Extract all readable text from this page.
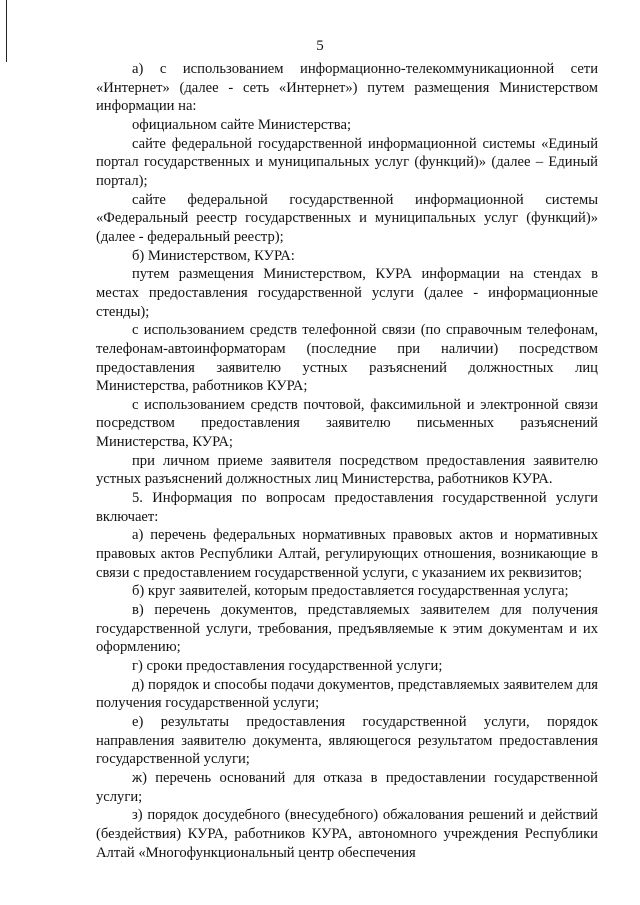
5

а) с использованием информационно-телекоммуникационной сети «Интернет» (далее - сеть «Интернет») путем размещения Министерством информации на:

официальном сайте Министерства;

сайте федеральной государственной информационной системы «Единый портал государственных и муниципальных услуг (функций)» (далее – Единый портал);

сайте федеральной государственной информационной системы «Федеральный реестр государственных и муниципальных услуг (функций)» (далее - федеральный реестр);

б) Министерством, КУРА:

путем размещения Министерством, КУРА информации на стендах в местах предоставления государственной услуги (далее - информационные стенды);

с использованием средств телефонной связи (по справочным телефонам, телефонам-автоинформаторам (последние при наличии) посредством предоставления заявителю устных разъяснений должностных лиц Министерства, работников КУРА;

с использованием средств почтовой, факсимильной и электронной связи посредством предоставления заявителю письменных разъяснений Министерства, КУРА;

при личном приеме заявителя посредством предоставления заявителю устных разъяснений должностных лиц Министерства, работников КУРА.

5. Информация по вопросам предоставления государственной услуги включает:

а) перечень федеральных нормативных правовых актов и нормативных правовых актов Республики Алтай, регулирующих отношения, возникающие в связи с предоставлением государственной услуги, с указанием их реквизитов;

б) круг заявителей, которым предоставляется государственная услуга;

в) перечень документов, представляемых заявителем для получения государственной услуги, требования, предъявляемые к этим документам и их оформлению;

г) сроки предоставления государственной услуги;

д) порядок и способы подачи документов, представляемых заявителем для получения государственной услуги;

е) результаты предоставления государственной услуги, порядок направления заявителю документа, являющегося результатом предоставления государственной услуги;

ж) перечень оснований для отказа в предоставлении государственной услуги;

з) порядок досудебного (внесудебного) обжалования решений и действий (бездействия) КУРА, работников КУРА, автономного учреждения Республики Алтай «Многофункциональный центр обеспечения
